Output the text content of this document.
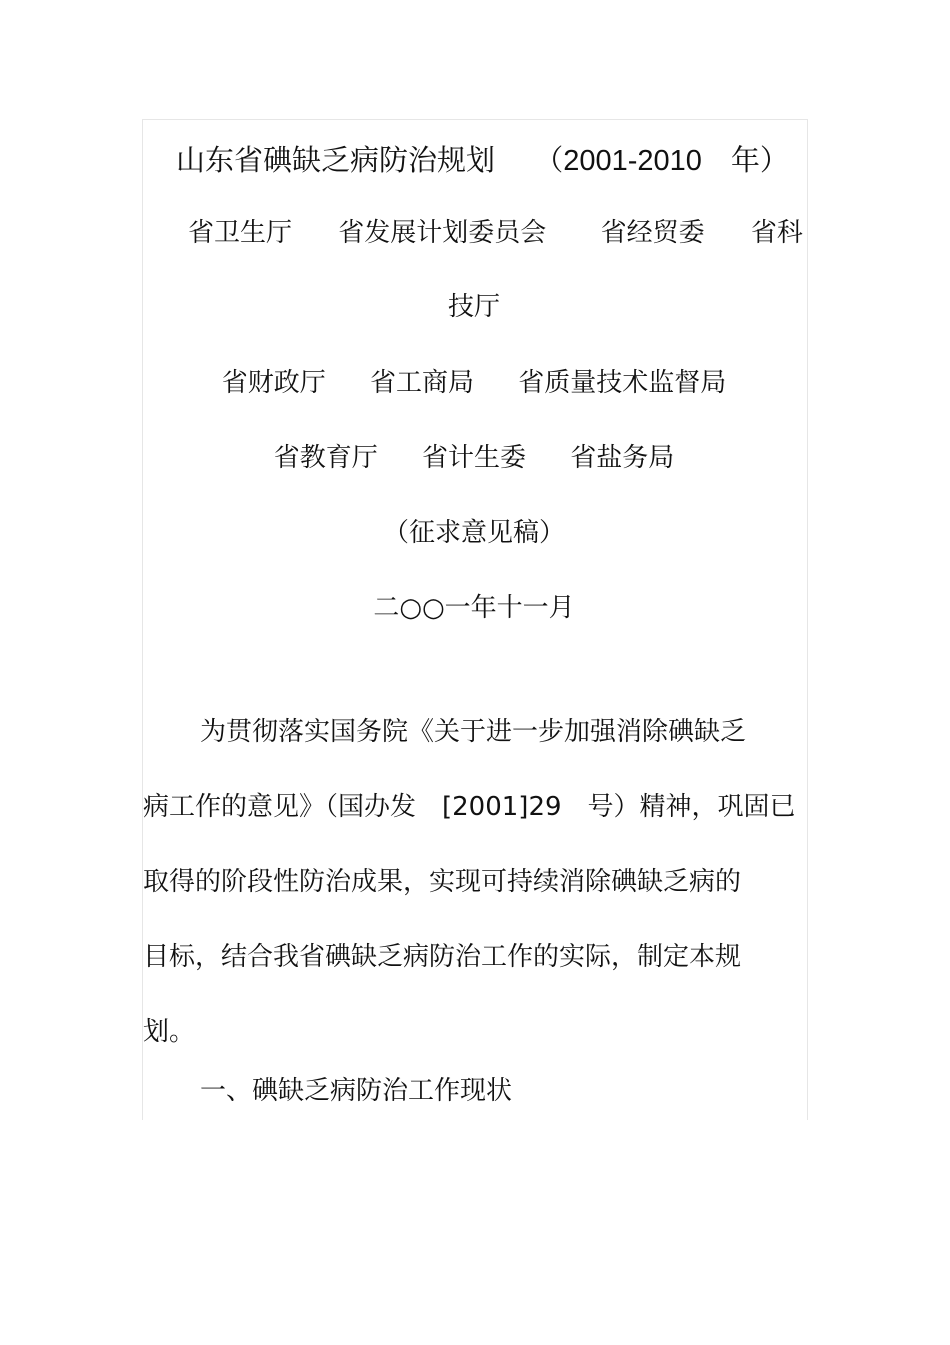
山东省碘缺乏病防治规划 （2001-2010　年）
省卫生厅 省发展计划委员会 省经贸委 省科
技厅
省财政厅 省工商局 省质量技术监督局
省教育厅 省计生委 省盐务局
（征求意见稿）
二○○一年十一月
为贯彻落实国务院《关于进一步加强消除碘缺乏
病工作的意见》（国办发　[2001]29　号）精神，巩固已
取得的阶段性防治成果，实现可持续消除碘缺乏病的
目标，结合我省碘缺乏病防治工作的实际，制定本规
划。
一、碘缺乏病防治工作现状
